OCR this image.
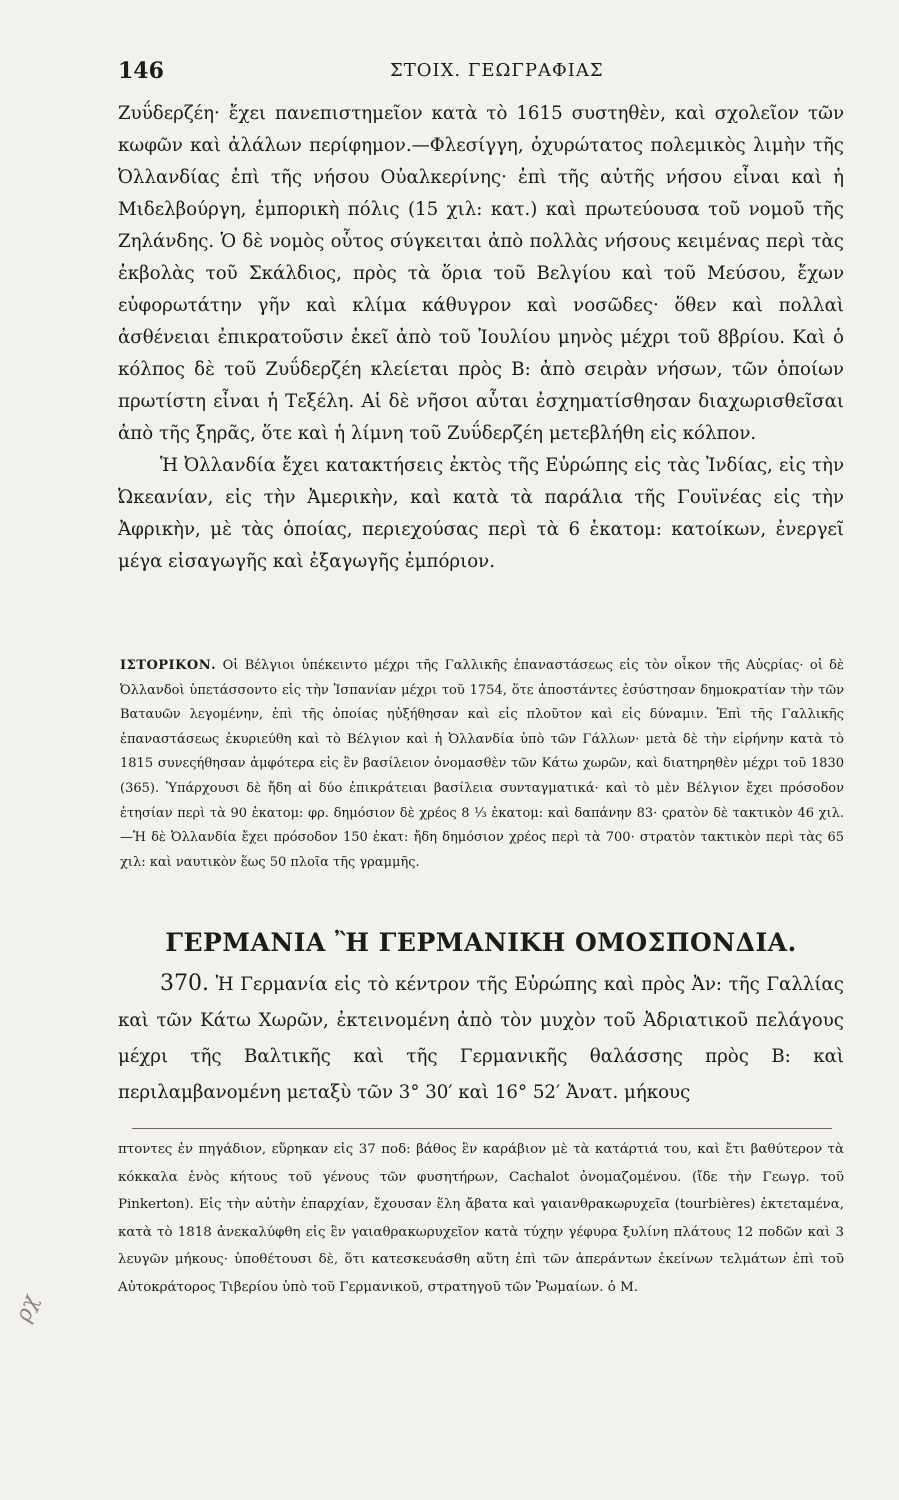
146	ΣΤΟΙΧ. ΓΕΩΓΡΑΦΙΑΣ

Ζυΰδερζέη· ἔχει πανεπιστημεῖον κατὰ τὸ 1615 συστηθὲν, καὶ σχολεῖον τῶν κωφῶν καὶ ἀλάλων περίφημον.—Φλεσίγγη, ὀχυρώτατος πολεμικὸς λιμὴν τῆς Ὀλλανδίας ἐπὶ τῆς νήσου Οὐαλκερίνης· ἐπὶ τῆς αὐτῆς νήσου εἶναι καὶ ἡ Μιδελβούργη, ἐμπορικὴ πόλις (15 χιλ: κατ.) καὶ πρωτεύουσα τοῦ νομοῦ τῆς Ζηλάνδης. Ὁ δὲ νομὸς οὗτος σύγκειται ἀπὸ πολλὰς νήσους κειμένας περὶ τὰς ἐκβολὰς τοῦ Σκάλδιος, πρὸς τὰ ὅρια τοῦ Βελγίου καὶ τοῦ Μεύσου, ἔχων εὐφορωτάτην γῆν καὶ κλίμα κάθυγρον καὶ νοσῶδες· ὅθεν καὶ πολλαὶ ἀσθένειαι ἐπικρατοῦσιν ἐκεῖ ἀπὸ τοῦ Ἰουλίου μηνὸς μέχρι τοῦ 8βρίου. Καὶ ὁ κόλπος δὲ τοῦ Ζυΰδερζέη κλείεται πρὸς Β: ἀπὸ σειρὰν νήσων, τῶν ὁποίων πρωτίστη εἶναι ἡ Τεξέλη. Αἱ δὲ νῆσοι αὗται ἐσχηματίσθησαν διαχωρισθεῖσαι ἀπὸ τῆς ξηρᾶς, ὅτε καὶ ἡ λίμνη τοῦ Ζυΰδερζέη μετεβλήθη εἰς κόλπον.

Ἡ Ὀλλανδία ἔχει κατακτήσεις ἐκτὸς τῆς Εὐρώπης εἰς τὰς Ἰνδίας, εἰς τὴν Ὠκεανίαν, εἰς τὴν Ἀμερικὴν, καὶ κατὰ τὰ παράλια τῆς Γουϊνέας εἰς τὴν Ἀφρικὴν, μὲ τὰς ὁποίας, περιεχούσας περὶ τὰ 6 ἑκατομ: κατοίκων, ἐνεργεῖ μέγα εἰσαγωγῆς καὶ ἐξαγωγῆς ἐμπόριον.

ΙΣΤΟΡΙΚΟΝ. Οἱ Βέλγιοι ὑπέκειντο μέχρι τῆς Γαλλικῆς ἐπαναστάσεως εἰς τὸν οἶκον τῆς Αὐςρίας· οἱ δὲ Ὀλλανδοὶ ὑπετάσσοντο εἰς τὴν Ἰσπανίαν μέχρι τοῦ 1754, ὅτε ἀποστάντες ἐσύστησαν δημοκρατίαν τὴν τῶν Βαταυῶν λεγομένην, ἐπὶ τῆς ὁποίας ηὐξήθησαν καὶ εἰς πλοῦτον καὶ εἰς δύναμιν. Ἐπὶ τῆς Γαλλικῆς ἐπαναστάσεως ἐκυριεύθη καὶ τὸ Βέλγιον καὶ ἡ Ὀλλανδία ὑπὸ τῶν Γάλλων· μετὰ δὲ τὴν εἰρήνην κατὰ τὸ 1815 συνεςήθησαν ἀμφότερα εἰς ἓν βασίλειον ὀνομασθὲν τῶν Κάτω χωρῶν, καὶ διατηρηθὲν μέχρι τοῦ 1830 (365). Ὑπάρχουσι δὲ ἤδη αἱ δύο ἐπικράτειαι βασίλεια συνταγματικά· καὶ τὸ μὲν Βέλγιον ἔχει πρόσοδον ἐτησίαν περὶ τὰ 90 ἑκατομ: φρ. δημόσιον δὲ χρέος 8 ⅓ ἑκατομ: καὶ δαπάνην 83· ςρατὸν δὲ τακτικὸν 46 χιλ.—Ἡ δὲ Ὀλλανδία ἔχει πρόσοδον 150 ἑκατ: ἤδη δημόσιον χρέος περὶ τὰ 700· στρατὸν τακτικὸν περὶ τὰς 65 χιλ: καὶ ναυτικὸν ἕως 50 πλοῖα τῆς γραμμῆς.

ΓΕΡΜΑΝΙΑ Ἢ ΓΕΡΜΑΝΙΚΗ ΟΜΟΣΠΟΝΔΙΑ.

370. Ἡ Γερμανία εἰς τὸ κέντρον τῆς Εὐρώπης καὶ πρὸς Ἀν: τῆς Γαλλίας καὶ τῶν Κάτω Χωρῶν, ἐκτεινομένη ἀπὸ τὸν μυχὸν τοῦ Ἀδριατικοῦ πελάγους μέχρι τῆς Βαλτικῆς καὶ τῆς Γερμανικῆς θαλάσσης πρὸς Β: καὶ περιλαμβανομένη μεταξὺ τῶν 3° 30′ καὶ 16° 52′ Ἀνατ. μήκους

πτοντες ἐν πηγάδιον, εὕρηκαν εἰς 37 ποδ: βάθος ἓν καράβιον μὲ τὰ κατάρτιά του, καὶ ἔτι βαθύτερον τὰ κόκκαλα ἑνὸς κήτους τοῦ γένους τῶν φυσητήρων, Cachalot ὀνομαζομένου. (ἴδε τὴν Γεωγρ. τοῦ Pinkerton). Εἰς τὴν αὐτὴν ἐπαρχίαν, ἔχουσαν ἕλη ἄβατα καὶ γαιανθρακωρυχεῖα (tourbières) ἐκτεταμένα, κατὰ τὸ 1818 ἀνεκαλύφθη εἰς ἓν γαιαθρακωρυχεῖον κατὰ τύχην γέφυρα ξυλίνη πλάτους 12 ποδῶν καὶ 3 λευγῶν μήκους· ὑποθέτουσι δὲ, ὅτι κατεσκευάσθη αὕτη ἐπὶ τῶν ἀπεράντων ἐκείνων τελμάτων ἐπὶ τοῦ Αὐτοκράτορος Τιβερίου ὑπὸ τοῦ Γερμανικοῦ, στρατηγοῦ τῶν Ῥωμαίων. ὁ Μ.

ρχ
